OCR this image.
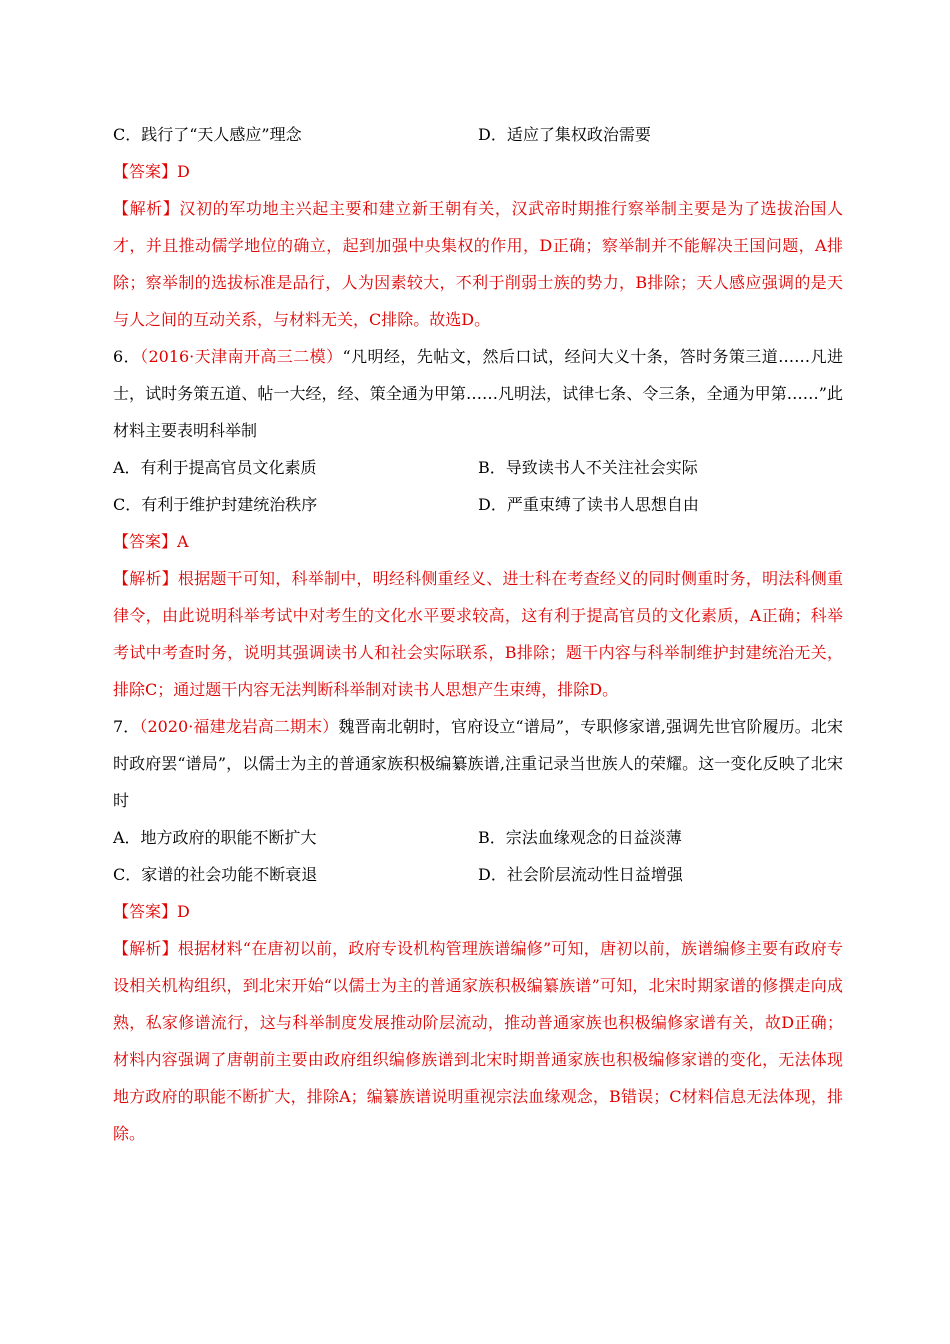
C．践行了“天人感应”理念	D．适应了集权政治需要
【答案】D
【解析】汉初的军功地主兴起主要和建立新王朝有关，汉武帝时期推行察举制主要是为了选拔治国人才，并且推动儒学地位的确立，起到加强中央集权的作用，D正确；察举制并不能解决王国问题，A排除；察举制的选拔标准是品行，人为因素较大，不利于削弱士族的势力，B排除；天人感应强调的是天与人之间的互动关系，与材料无关，C排除。故选D。
6．（2016·天津南开高三二模）“凡明经，先帖文，然后口试，经问大义十条，答时务策三道……凡进士，试时务策五道、帖一大经，经、策全通为甲第……凡明法，试律七条、令三条，全通为甲第……”此材料主要表明科举制
A．有利于提高官员文化素质	B．导致读书人不关注社会实际
C．有利于维护封建统治秩序	D．严重束缚了读书人思想自由
【答案】A
【解析】根据题干可知，科举制中，明经科侧重经义、进士科在考查经义的同时侧重时务，明法科侧重律令，由此说明科举考试中对考生的文化水平要求较高，这有利于提高官员的文化素质，A正确；科举考试中考查时务，说明其强调读书人和社会实际联系，B排除；题干内容与科举制维护封建统治无关，排除C；通过题干内容无法判断科举制对读书人思想产生束缚，排除D。
7．（2020·福建龙岩高二期末）魏晋南北朝时，官府设立“谱局”，专职修家谱,强调先世官阶履历。北宋时政府罢“谱局”，以儒士为主的普通家族积极编纂族谱,注重记录当世族人的荣耀。这一变化反映了北宋时
A．地方政府的职能不断扩大	B．宗法血缘观念的日益淡薄
C．家谱的社会功能不断衰退	D．社会阶层流动性日益增强
【答案】D
【解析】根据材料“在唐初以前，政府专设机构管理族谱编修”可知，唐初以前，族谱编修主要有政府专设相关机构组织，到北宋开始“以儒士为主的普通家族积极编纂族谱”可知，北宋时期家谱的修撰走向成熟，私家修谱流行，这与科举制度发展推动阶层流动，推动普通家族也积极编修家谱有关，故D正确；材料内容强调了唐朝前主要由政府组织编修族谱到北宋时期普通家族也积极编修家谱的变化，无法体现地方政府的职能不断扩大，排除A；编纂族谱说明重视宗法血缘观念，B错误；C材料信息无法体现，排除。
